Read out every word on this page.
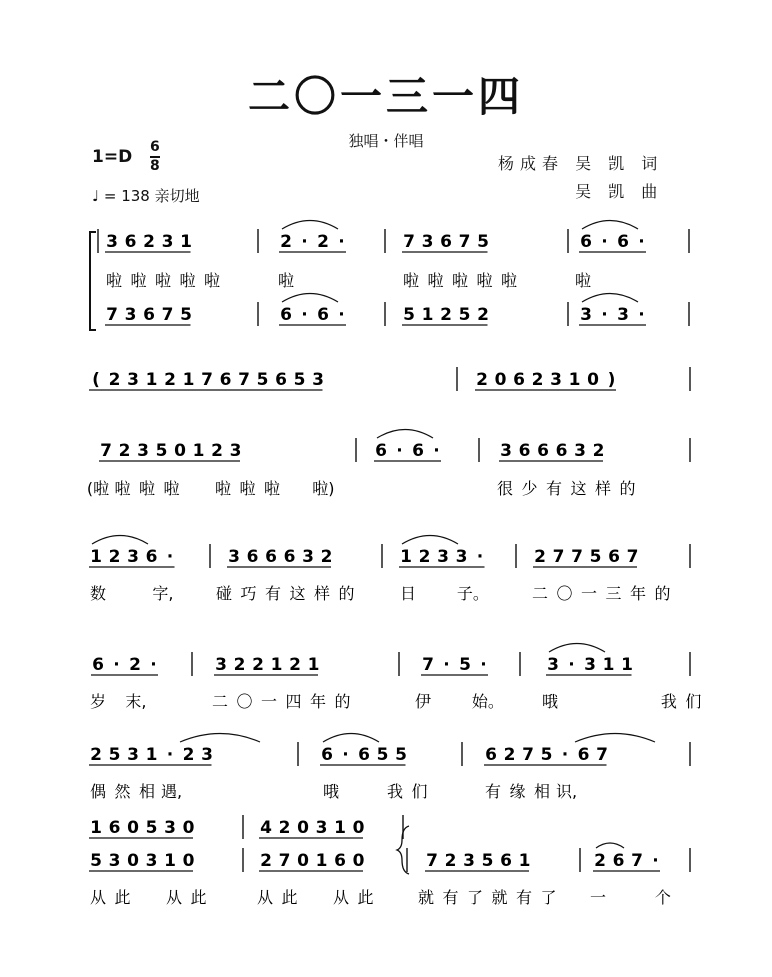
二〇一三一四
独唱・伴唱
1=D 6
8
♩ = 138 亲切地
杨成春 吴 凯 词
吴 凯 曲
3 6 2 3 1	2 · 2 ·	7 3 6 7 5	6 · 6 ·
啦 啦 啦 啦 啦	啦	啦 啦 啦 啦 啦	啦
7 3 6 7 5	6 · 6 ·	5 1 2 5 2	3 · 3 ·
( 2 3 1 2 1 7 6 7 5 6 5 3	2 0 6 2 3 1 0 )
7 2 3 5 0 1 2 3	6 · 6 ·	3 6 6 6 3 2
(啦 啦 啦 啦 啦 啦 啦 啦)	很 少 有 这 样 的
1 2 3 6 ·	3 6 6 6 3 2	1 2 3 3 ·	2 7 7 5 6 7
数	字,	碰 巧 有 这 样 的	日	子。	二 〇 一 三 年 的
6 · 2 ·	3 2 2 1 2 1	7 · 5 ·	3 · 3 1 1
岁 末,	二 〇 一 四 年 的	伊	始。 哦	我 们
2 5 3 1 · 2 3	6 · 6 5 5	6 2 7 5 · 6 7
偶 然 相 遇,	哦	我 们	有 缘 相 识,
1 6 0 5 3 0	4 2 0 3 1 0
5 3 0 3 1 0	2 7 0 1 6 0	7 2 3 5 6 1	2 6 7 ·
从 此 从 此	从 此 从 此	就 有 了 就 有 了 一	个
